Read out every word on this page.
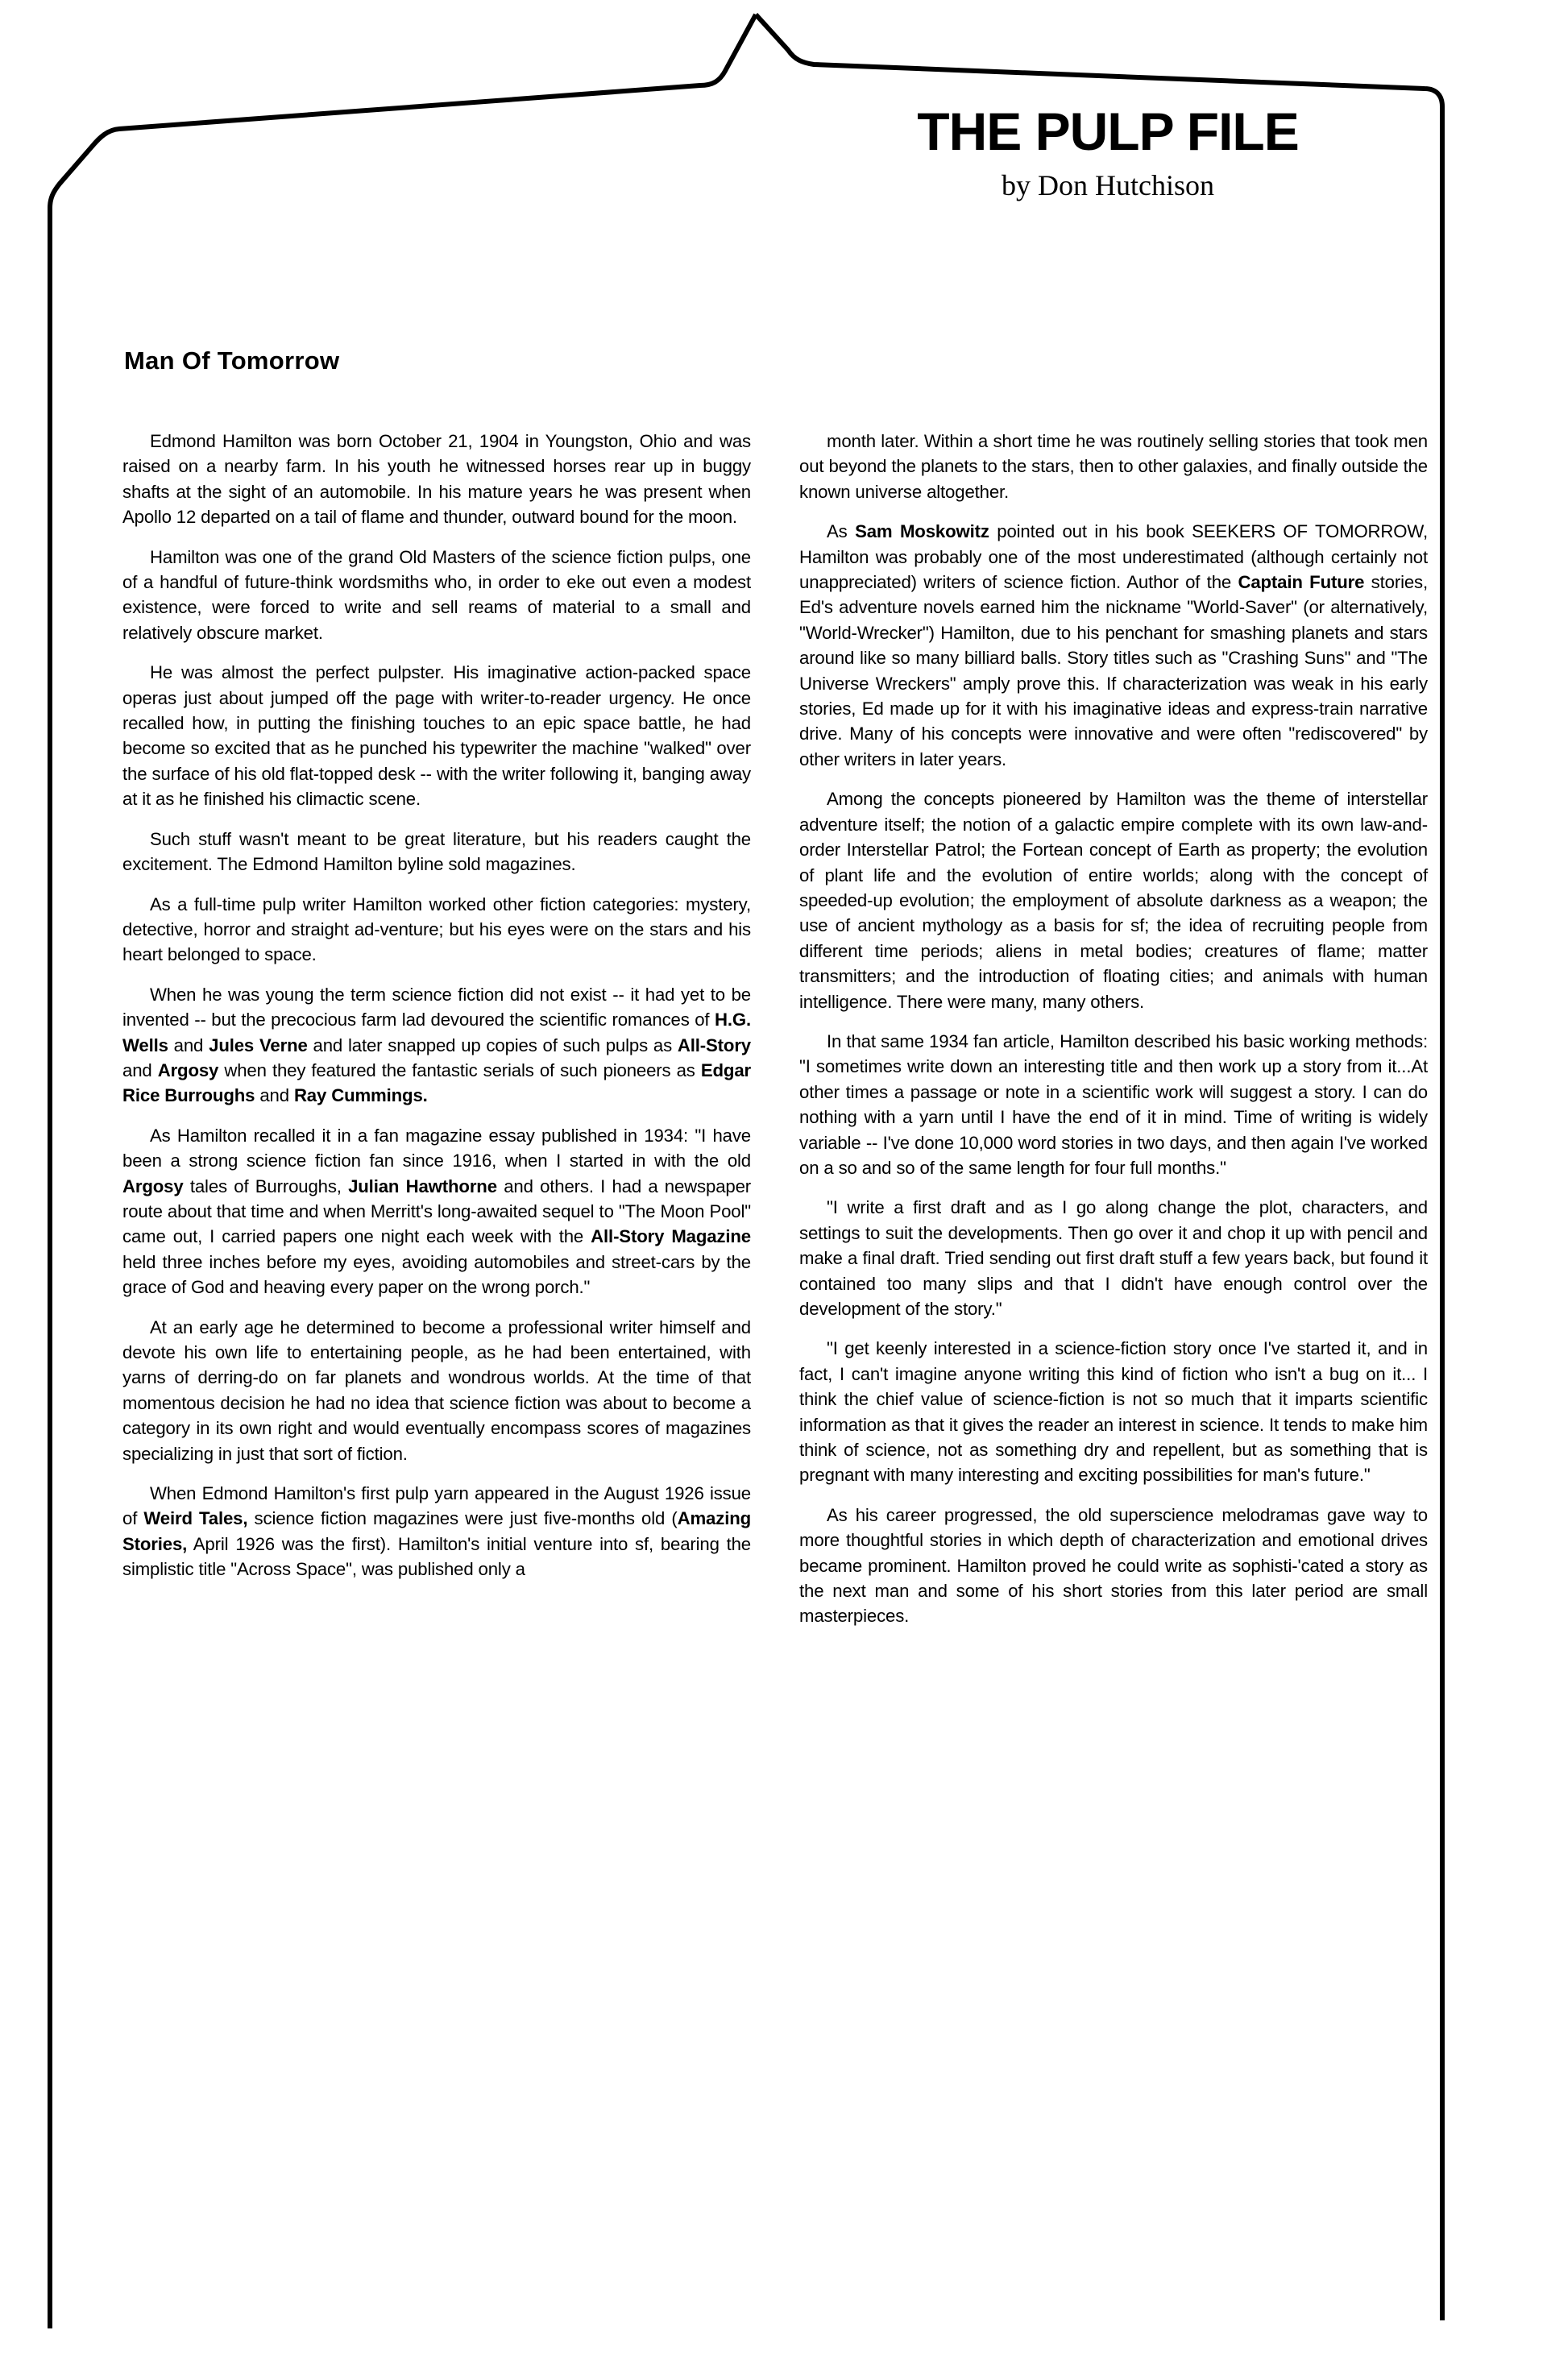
THE PULP FILE
by Don Hutchison
Man Of Tomorrow

Edmond Hamilton was born October 21, 1904 in Youngston, Ohio and was raised on a nearby farm. In his youth he witnessed horses rear up in buggy shafts at the sight of an automobile. In his mature years he was present when Apollo 12 departed on a tail of flame and thunder, outward bound for the moon.

Hamilton was one of the grand Old Masters of the science fiction pulps, one of a handful of future-think wordsmiths who, in order to eke out even a modest existence, were forced to write and sell reams of material to a small and relatively obscure market.

He was almost the perfect pulpster. His imaginative action-packed space operas just about jumped off the page with writer-to-reader urgency. He once recalled how, in putting the finishing touches to an epic space battle, he had become so excited that as he punched his typewriter the machine "walked" over the surface of his old flat-topped desk -- with the writer following it, banging away at it as he finished his climactic scene.

Such stuff wasn't meant to be great literature, but his readers caught the excitement. The Edmond Hamilton byline sold magazines.

As a full-time pulp writer Hamilton worked other fiction categories: mystery, detective, horror and straight ad-venture; but his eyes were on the stars and his heart belonged to space.

When he was young the term science fiction did not exist -- it had yet to be invented -- but the precocious farm lad devoured the scientific romances of H.G. Wells and Jules Verne and later snapped up copies of such pulps as All-Story and Argosy when they featured the fantastic serials of such pioneers as Edgar Rice Burroughs and Ray Cummings.

As Hamilton recalled it in a fan magazine essay published in 1934: "I have been a strong science fiction fan since 1916, when I started in with the old Argosy tales of Burroughs, Julian Hawthorne and others. I had a newspaper route about that time and when Merritt's long-awaited sequel to "The Moon Pool" came out, I carried papers one night each week with the All-Story Magazine held three inches before my eyes, avoiding automobiles and street-cars by the grace of God and heaving every paper on the wrong porch."

At an early age he determined to become a professional writer himself and devote his own life to entertaining people, as he had been entertained, with yarns of derring-do on far planets and wondrous worlds. At the time of that momentous decision he had no idea that science fiction was about to become a category in its own right and would eventually encompass scores of magazines specializing in just that sort of fiction.

When Edmond Hamilton's first pulp yarn appeared in the August 1926 issue of Weird Tales, science fiction magazines were just five-months old (Amazing Stories, April 1926 was the first). Hamilton's initial venture into sf, bearing the simplistic title "Across Space", was published only a

month later. Within a short time he was routinely selling stories that took men out beyond the planets to the stars, then to other galaxies, and finally outside the known universe altogether.

As Sam Moskowitz pointed out in his book SEEKERS OF TOMORROW, Hamilton was probably one of the most underestimated (although certainly not unappreciated) writers of science fiction. Author of the Captain Future stories, Ed's adventure novels earned him the nickname "World-Saver" (or alternatively, "World-Wrecker") Hamilton, due to his penchant for smashing planets and stars around like so many billiard balls. Story titles such as "Crashing Suns" and "The Universe Wreckers" amply prove this. If characterization was weak in his early stories, Ed made up for it with his imaginative ideas and express-train narrative drive. Many of his concepts were innovative and were often "rediscovered" by other writers in later years.

Among the concepts pioneered by Hamilton was the theme of interstellar adventure itself; the notion of a galactic empire complete with its own law-and-order Interstellar Patrol; the Fortean concept of Earth as property; the evolution of plant life and the evolution of entire worlds; along with the concept of speeded-up evolution; the employment of absolute darkness as a weapon; the use of ancient mythology as a basis for sf; the idea of recruiting people from different time periods; aliens in metal bodies; creatures of flame; matter transmitters; and the introduction of floating cities; and animals with human intelligence. There were many, many others.

In that same 1934 fan article, Hamilton described his basic working methods: "I sometimes write down an interesting title and then work up a story from it...At other times a passage or note in a scientific work will suggest a story. I can do nothing with a yarn until I have the end of it in mind. Time of writing is widely variable -- I've done 10,000 word stories in two days, and then again I've worked on a so and so of the same length for four full months."

"I write a first draft and as I go along change the plot, characters, and settings to suit the developments. Then go over it and chop it up with pencil and make a final draft. Tried sending out first draft stuff a few years back, but found it contained too many slips and that I didn't have enough control over the development of the story."

"I get keenly interested in a science-fiction story once I've started it, and in fact, I can't imagine anyone writing this kind of fiction who isn't a bug on it... I think the chief value of science-fiction is not so much that it imparts scientific information as that it gives the reader an interest in science. It tends to make him think of science, not as something dry and repellent, but as something that is pregnant with many interesting and exciting possibilities for man's future."

As his career progressed, the old superscience melodramas gave way to more thoughtful stories in which depth of characterization and emotional drives became prominent. Hamilton proved he could write as sophisti-'cated a story as the next man and some of his short stories from this later period are small masterpieces.
